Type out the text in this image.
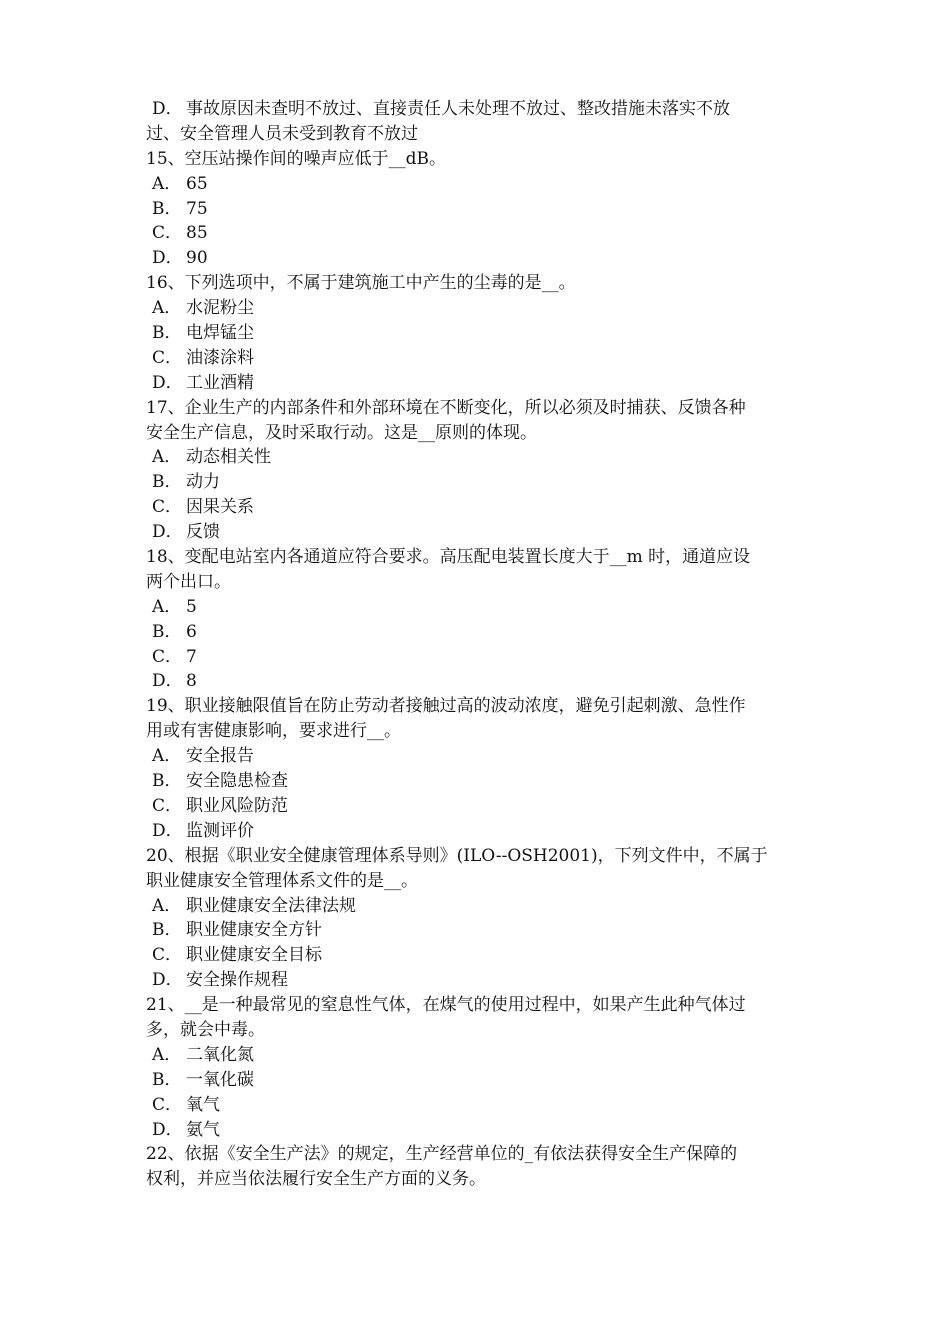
D． 事故原因未查明不放过、直接责任人未处理不放过、整改措施未落实不放
过、安全管理人员未受到教育不放过
15、空压站操作间的噪声应低于__dB。
A． 65
B． 75
C． 85
D． 90
16、下列选项中，不属于建筑施工中产生的尘毒的是__。
A． 水泥粉尘
B． 电焊锰尘
C． 油漆涂料
D． 工业酒精
17、企业生产的内部条件和外部环境在不断变化，所以必须及时捕获、反馈各种
安全生产信息，及时采取行动。这是__原则的体现。
A． 动态相关性
B． 动力
C． 因果关系
D． 反馈
18、变配电站室内各通道应符合要求。高压配电装置长度大于__m 时，通道应设
两个出口。
A． 5
B． 6
C． 7
D． 8
19、职业接触限值旨在防止劳动者接触过高的波动浓度，避免引起刺激、急性作
用或有害健康影响，要求进行__。
A． 安全报告
B． 安全隐患检查
C． 职业风险防范
D． 监测评价
20、根据《职业安全健康管理体系导则》(ILO--OSH2001)，下列文件中，不属于
职业健康安全管理体系文件的是__。
A． 职业健康安全法律法规
B． 职业健康安全方针
C． 职业健康安全目标
D． 安全操作规程
21、__是一种最常见的窒息性气体，在煤气的使用过程中，如果产生此种气体过
多，就会中毒。
A． 二氧化氮
B． 一氧化碳
C． 氧气
D． 氨气
22、依据《安全生产法》的规定，生产经营单位的_有依法获得安全生产保障的
权利，并应当依法履行安全生产方面的义务。
